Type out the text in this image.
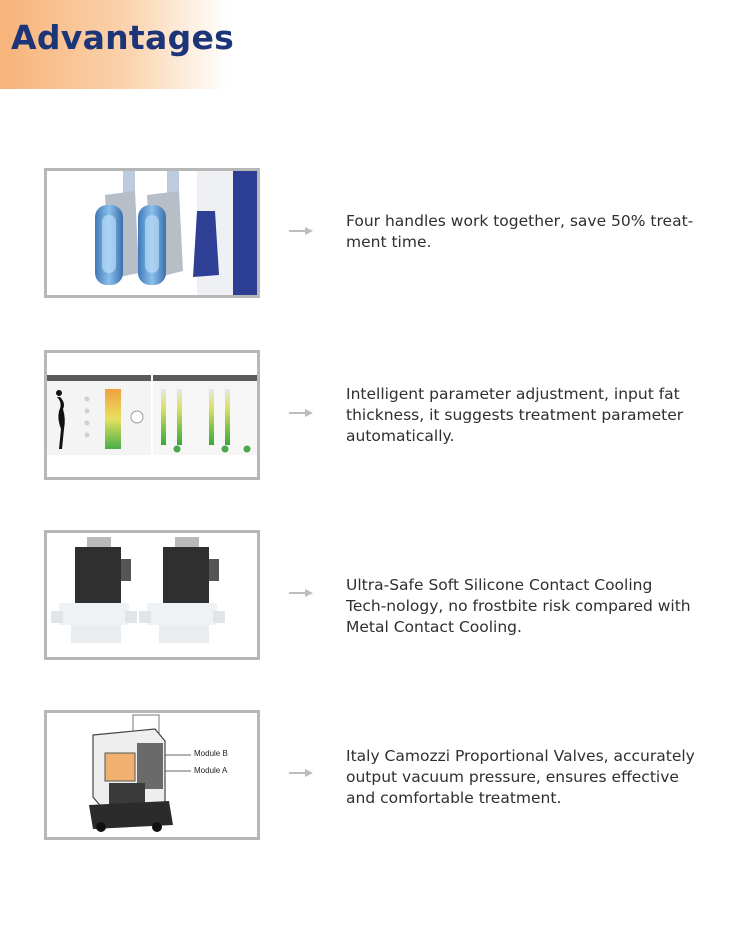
Advantages

Four handles work together, save 50% treat-ment time.

Intelligent parameter adjustment, input fat thickness, it suggests treatment parameter automatically.

Ultra-Safe Soft Silicone Contact Cooling Tech-nology, no frostbite risk compared with Metal Contact Cooling.

Module B
Module A

Italy Camozzi Proportional Valves, accurately output vacuum pressure, ensures effective and comfortable treatment.
